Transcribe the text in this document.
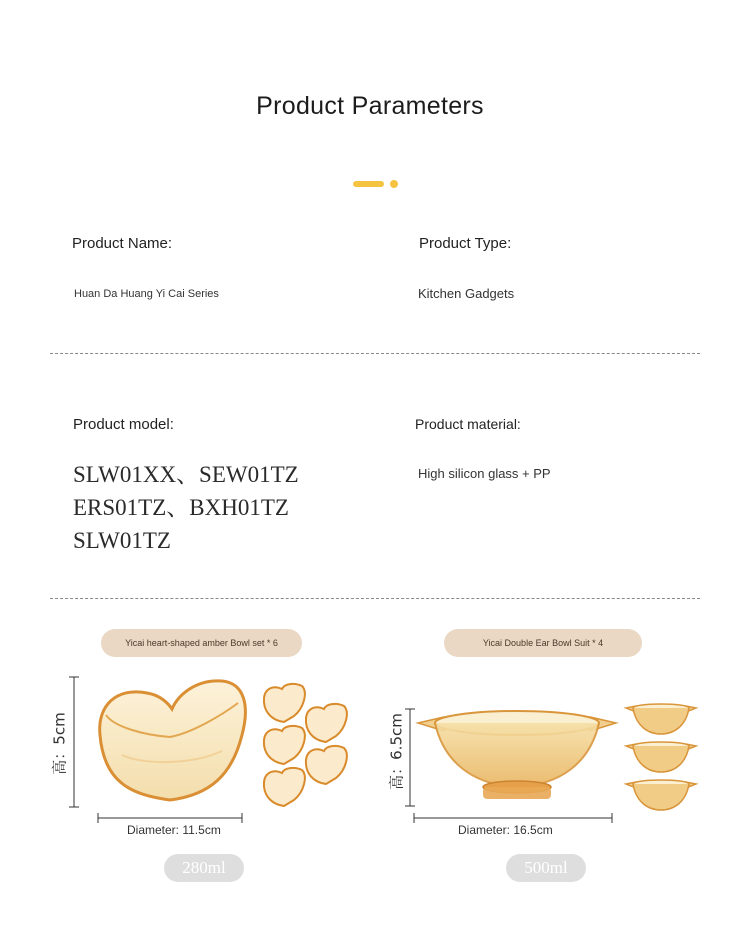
Product Parameters
Product Name:
Huan Da Huang Yi Cai Series
Product Type:
Kitchen Gadgets
Product model:
SLW01XX、SEW01TZ
ERS01TZ、BXH01TZ
SLW01TZ
Product material:
High silicon glass + PP
Yicai heart-shaped amber Bowl set * 6
高：5cm
Diameter: 11.5cm
280ml
Yicai Double Ear Bowl Suit * 4
高：6.5cm
Diameter: 16.5cm
500ml
